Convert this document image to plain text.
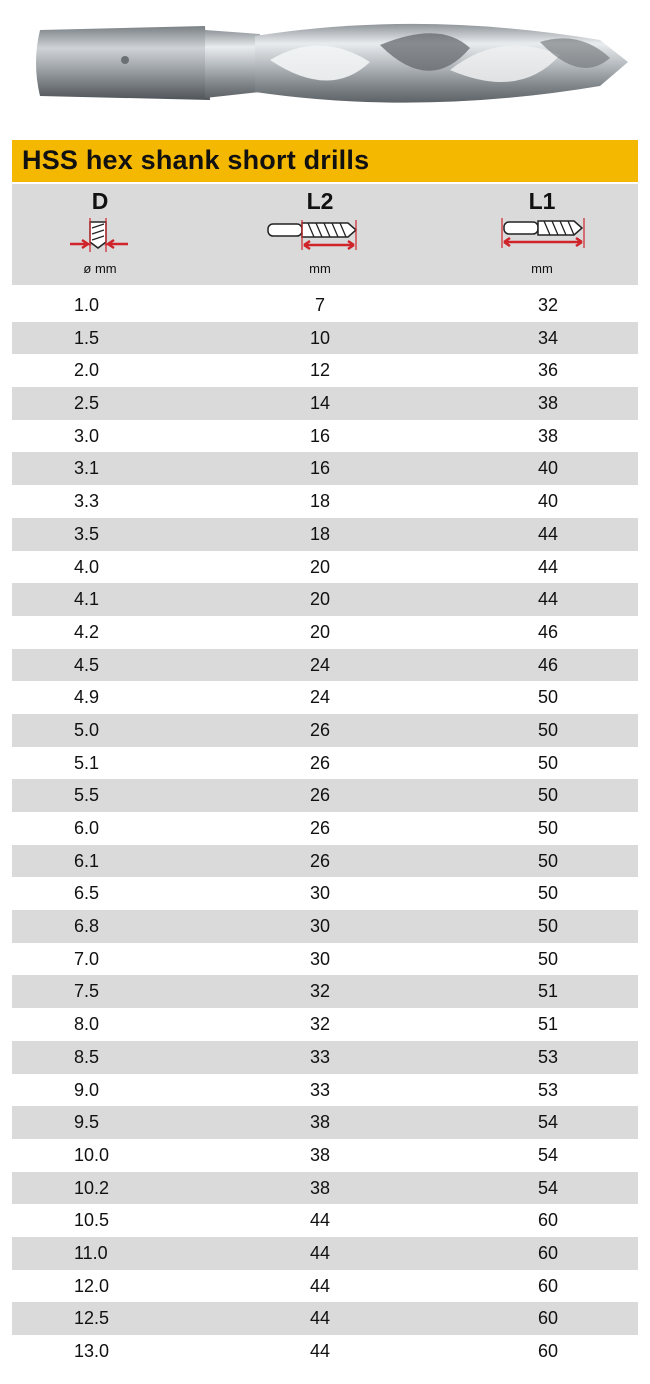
HSS hex shank short drills
D
ø mm
L2
mm
L1
mm
1.0	7	32
1.5	10	34
2.0	12	36
2.5	14	38
3.0	16	38
3.1	16	40
3.3	18	40
3.5	18	44
4.0	20	44
4.1	20	44
4.2	20	46
4.5	24	46
4.9	24	50
5.0	26	50
5.1	26	50
5.5	26	50
6.0	26	50
6.1	26	50
6.5	30	50
6.8	30	50
7.0	30	50
7.5	32	51
8.0	32	51
8.5	33	53
9.0	33	53
9.5	38	54
10.0	38	54
10.2	38	54
10.5	44	60
11.0	44	60
12.0	44	60
12.5	44	60
13.0	44	60
